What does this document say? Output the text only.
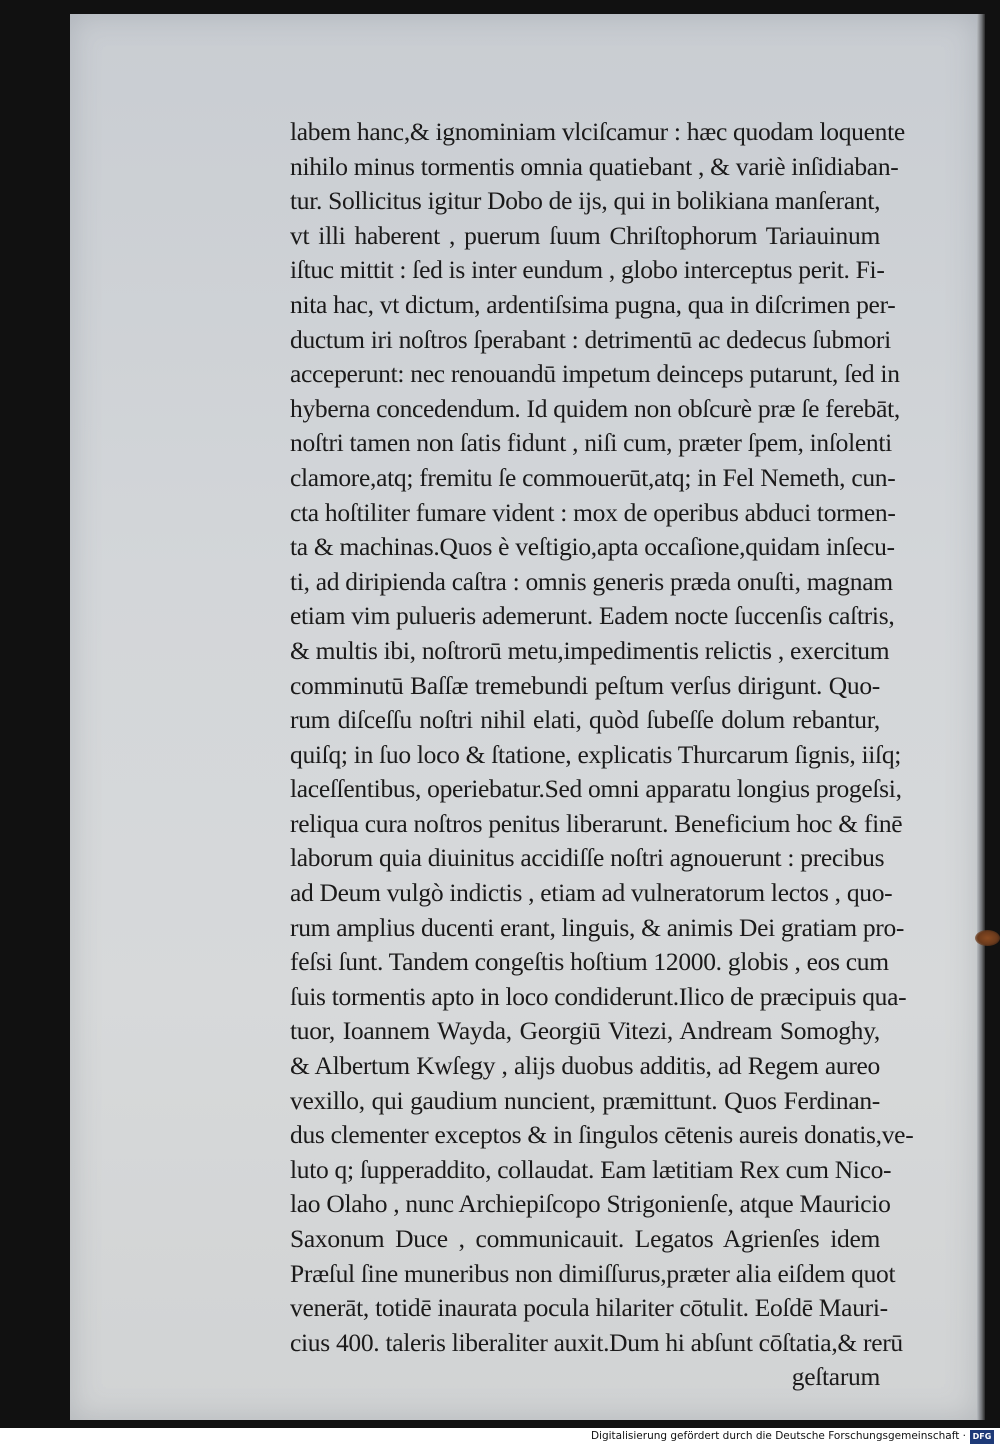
labem hanc,& ignominiam vlciſcamur : hæc quodam loquente
nihilo minus tormentis omnia quatiebant , & variè inſidiaban-
tur. Sollicitus igitur Dobo de ijs, qui in bolikiana manſerant,
vt illi haberent , puerum ſuum Chriſtophorum Tariauinum
iſtuc mittit : ſed is inter eundum , globo interceptus perit. Fi-
nita hac, vt dictum, ardentiſsima pugna, qua in diſcrimen per-
ductum iri noſtros ſperabant : detrimentū ac dedecus ſubmori
acceperunt: nec renouandū impetum deinceps putarunt, ſed in
hyberna concedendum. Id quidem non obſcurè præ ſe ferebāt,
noſtri tamen non ſatis fidunt , niſi cum, præter ſpem, inſolenti
clamore,atq; fremitu ſe commouerūt,atq; in Fel Nemeth, cun-
cta hoſtiliter fumare vident : mox de operibus abduci tormen-
ta & machinas.Quos è veſtigio,apta occaſione,quidam inſecu-
ti, ad diripienda caſtra : omnis generis præda onuſti, magnam
etiam vim pulueris ademerunt. Eadem nocte ſuccenſis caſtris,
& multis ibi, noſtrorū metu,impedimentis relictis , exercitum
comminutū Baſſæ tremebundi peſtum verſus dirigunt. Quo-
rum diſceſſu noſtri nihil elati, quòd ſubeſſe dolum rebantur,
quiſq; in ſuo loco & ſtatione, explicatis Thurcarum ſignis, iiſq;
laceſſentibus, operiebatur.Sed omni apparatu longius progeſsi,
reliqua cura noſtros penitus liberarunt. Beneficium hoc & finē
laborum quia diuinitus accidiſſe noſtri agnouerunt : precibus
ad Deum vulgò indictis , etiam ad vulneratorum lectos , quo-
rum amplius ducenti erant, linguis, & animis Dei gratiam pro-
feſsi ſunt. Tandem congeſtis hoſtium 12000. globis , eos cum
ſuis tormentis apto in loco condiderunt.Ilico de præcipuis qua-
tuor, Ioannem Wayda, Georgiū Vitezi, Andream Somoghy,
& Albertum Kwſegy , alijs duobus additis, ad Regem aureo
vexillo, qui gaudium nuncient, præmittunt. Quos Ferdinan-
dus clementer exceptos & in ſingulos cētenis aureis donatis,ve-
luto q; ſupperaddito, collaudat. Eam lætitiam Rex cum Nico-
lao Olaho , nunc Archiepiſcopo Strigonienſe, atque Mauricio
Saxonum Duce , communicauit. Legatos Agrienſes idem
Præſul ſine muneribus non dimiſſurus,præter alia eiſdem quot
venerāt, totidē inaurata pocula hilariter cōtulit. Eoſdē Mauri-
cius 400. taleris liberaliter auxit.Dum hi abſunt cōſtatia,& rerū
geſtarum
Digitalisierung gefördert durch die Deutsche Forschungsgemeinschaft · DFG
